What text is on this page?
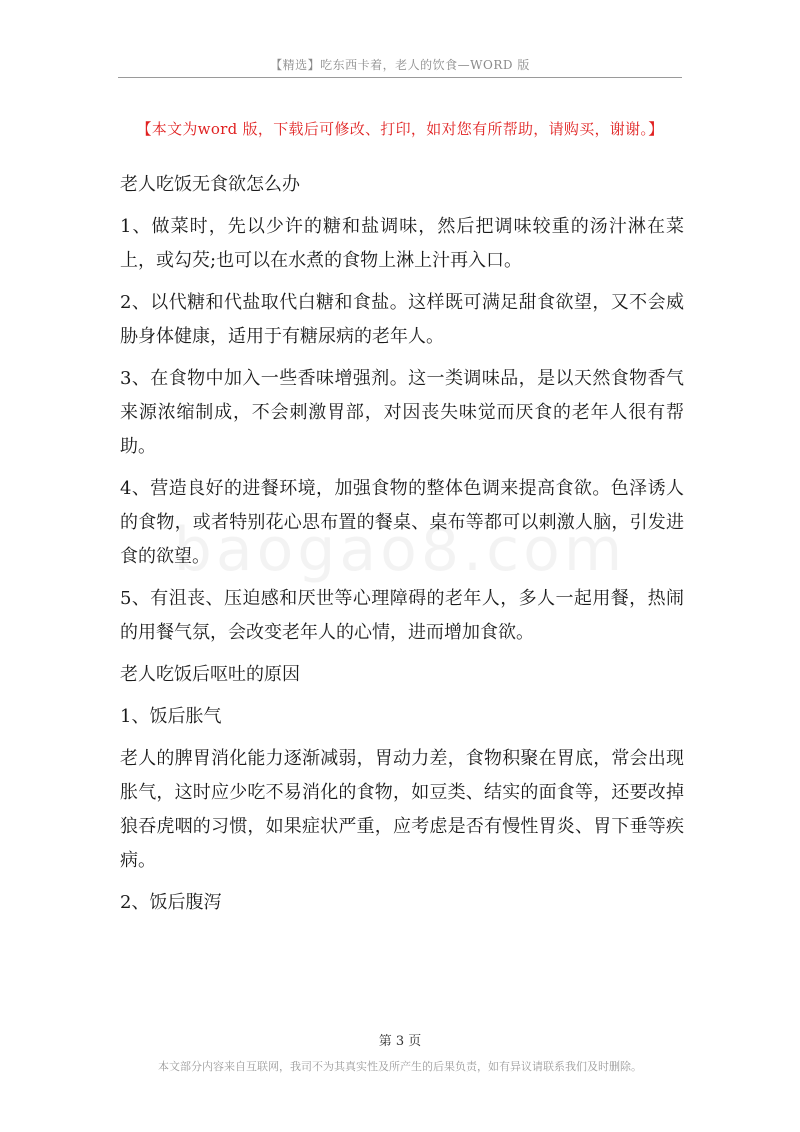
【精选】吃东西卡着，老人的饮食—WORD 版
【本文为word 版，下载后可修改、打印，如对您有所帮助，请购买，谢谢。】

老人吃饭无食欲怎么办

1、做菜时，先以少许的糖和盐调味，然后把调味较重的汤汁淋在菜上，或勾芡;也可以在水煮的食物上淋上汁再入口。

2、以代糖和代盐取代白糖和食盐。这样既可满足甜食欲望，又不会威胁身体健康，适用于有糖尿病的老年人。

3、在食物中加入一些香味增强剂。这一类调味品，是以天然食物香气来源浓缩制成，不会刺激胃部，对因丧失味觉而厌食的老年人很有帮助。

4、营造良好的进餐环境，加强食物的整体色调来提高食欲。色泽诱人的食物，或者特别花心思布置的餐桌、桌布等都可以刺激人脑，引发进食的欲望。

5、有沮丧、压迫感和厌世等心理障碍的老年人，多人一起用餐，热闹的用餐气氛，会改变老年人的心情，进而增加食欲。

老人吃饭后呕吐的原因

1、饭后胀气

老人的脾胃消化能力逐渐减弱，胃动力差，食物积聚在胃底，常会出现胀气，这时应少吃不易消化的食物，如豆类、结实的面食等，还要改掉狼吞虎咽的习惯，如果症状严重，应考虑是否有慢性胃炎、胃下垂等疾病。

2、饭后腹泻

第 3 页
本文部分内容来自互联网，我司不为其真实性及所产生的后果负责，如有异议请联系我们及时删除。
